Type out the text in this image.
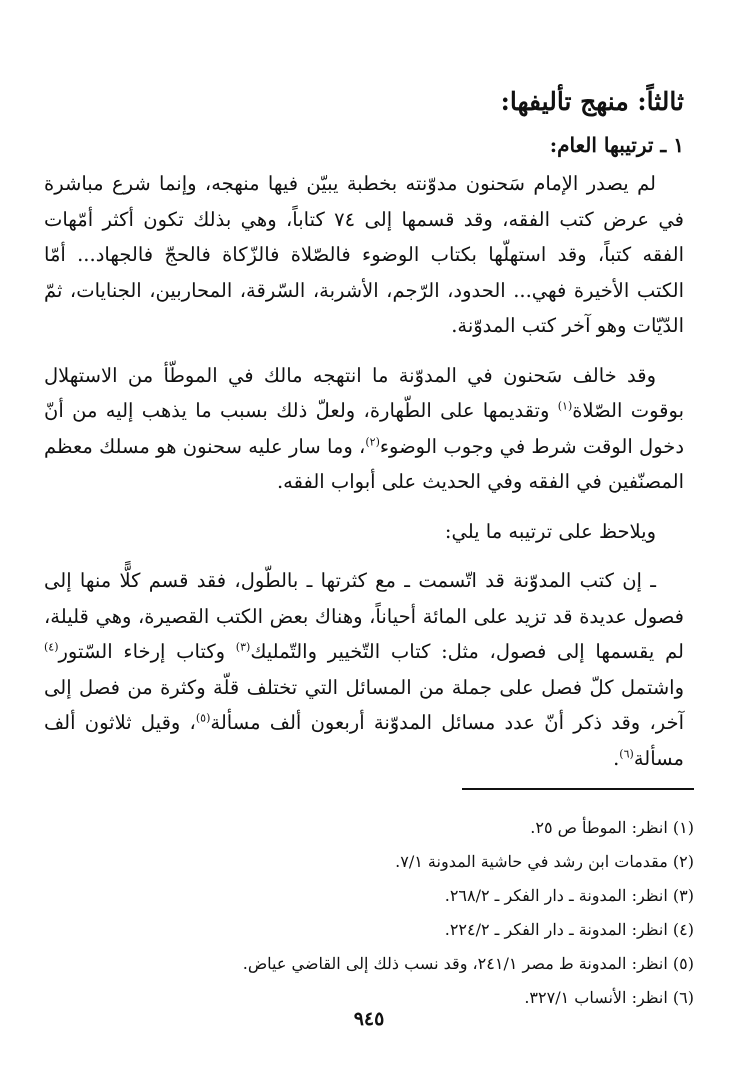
ثالثاً: منهج تأليفها:
١ ـ ترتيبها العام:

لم يصدر الإمام سَحنون مدوّنته بخطبة يبيّن فيها منهجه، وإنما شرع مباشرة في عرض كتب الفقه، وقد قسمها إلى ٧٤ كتاباً، وهي بذلك تكون أكثر أمّهات الفقه كتباً، وقد استهلّها بكتاب الوضوء فالصّلاة فالزّكاة فالحجّ فالجهاد... أمّا الكتب الأخيرة فهي... الحدود، الرّجم، الأشربة، السّرقة، المحاربين، الجنايات، ثمّ الدّيّات وهو آخر كتب المدوّنة.

وقد خالف سَحنون في المدوّنة ما انتهجه مالك في الموطّأ من الاستهلال بوقوت الصّلاة$^{(١)}$ وتقديمها على الطّهارة، ولعلّ ذلك بسبب ما يذهب إليه من أنّ دخول الوقت شرط في وجوب الوضوء$^{(٢)}$، وما سار عليه سحنون هو مسلك معظم المصنّفين في الفقه وفي الحديث على أبواب الفقه.

ويلاحظ على ترتيبه ما يلي:

ـ إن كتب المدوّنة قد اتّسمت ـ مع كثرتها ـ بالطّول، فقد قسم كلًّا منها إلى فصول عديدة قد تزيد على المائة أحياناً، وهناك بعض الكتب القصيرة، وهي قليلة، لم يقسمها إلى فصول، مثل: كتاب التّخيير والتّمليك$^{(٣)}$ وكتاب إرخاء السّتور$^{(٤)}$ واشتمل كلّ فصل على جملة من المسائل التي تختلف قلّة وكثرة من فصل إلى آخر، وقد ذكر أنّ عدد مسائل المدوّنة أربعون ألف مسألة$^{(٥)}$، وقيل ثلاثون ألف مسألة$^{(٦)}$.

(١) انظر: الموطأ ص ٢٥.
(٢) مقدمات ابن رشد في حاشية المدونة ٧/١.
(٣) انظر: المدونة ـ دار الفكر ـ ٢٦٨/٢.
(٤) انظر: المدونة ـ دار الفكر ـ ٢٢٤/٢.
(٥) انظر: المدونة ط مصر ٢٤١/١، وقد نسب ذلك إلى القاضي عياض.
(٦) انظر: الأنساب ٣٢٧/١.
٩٤٥
